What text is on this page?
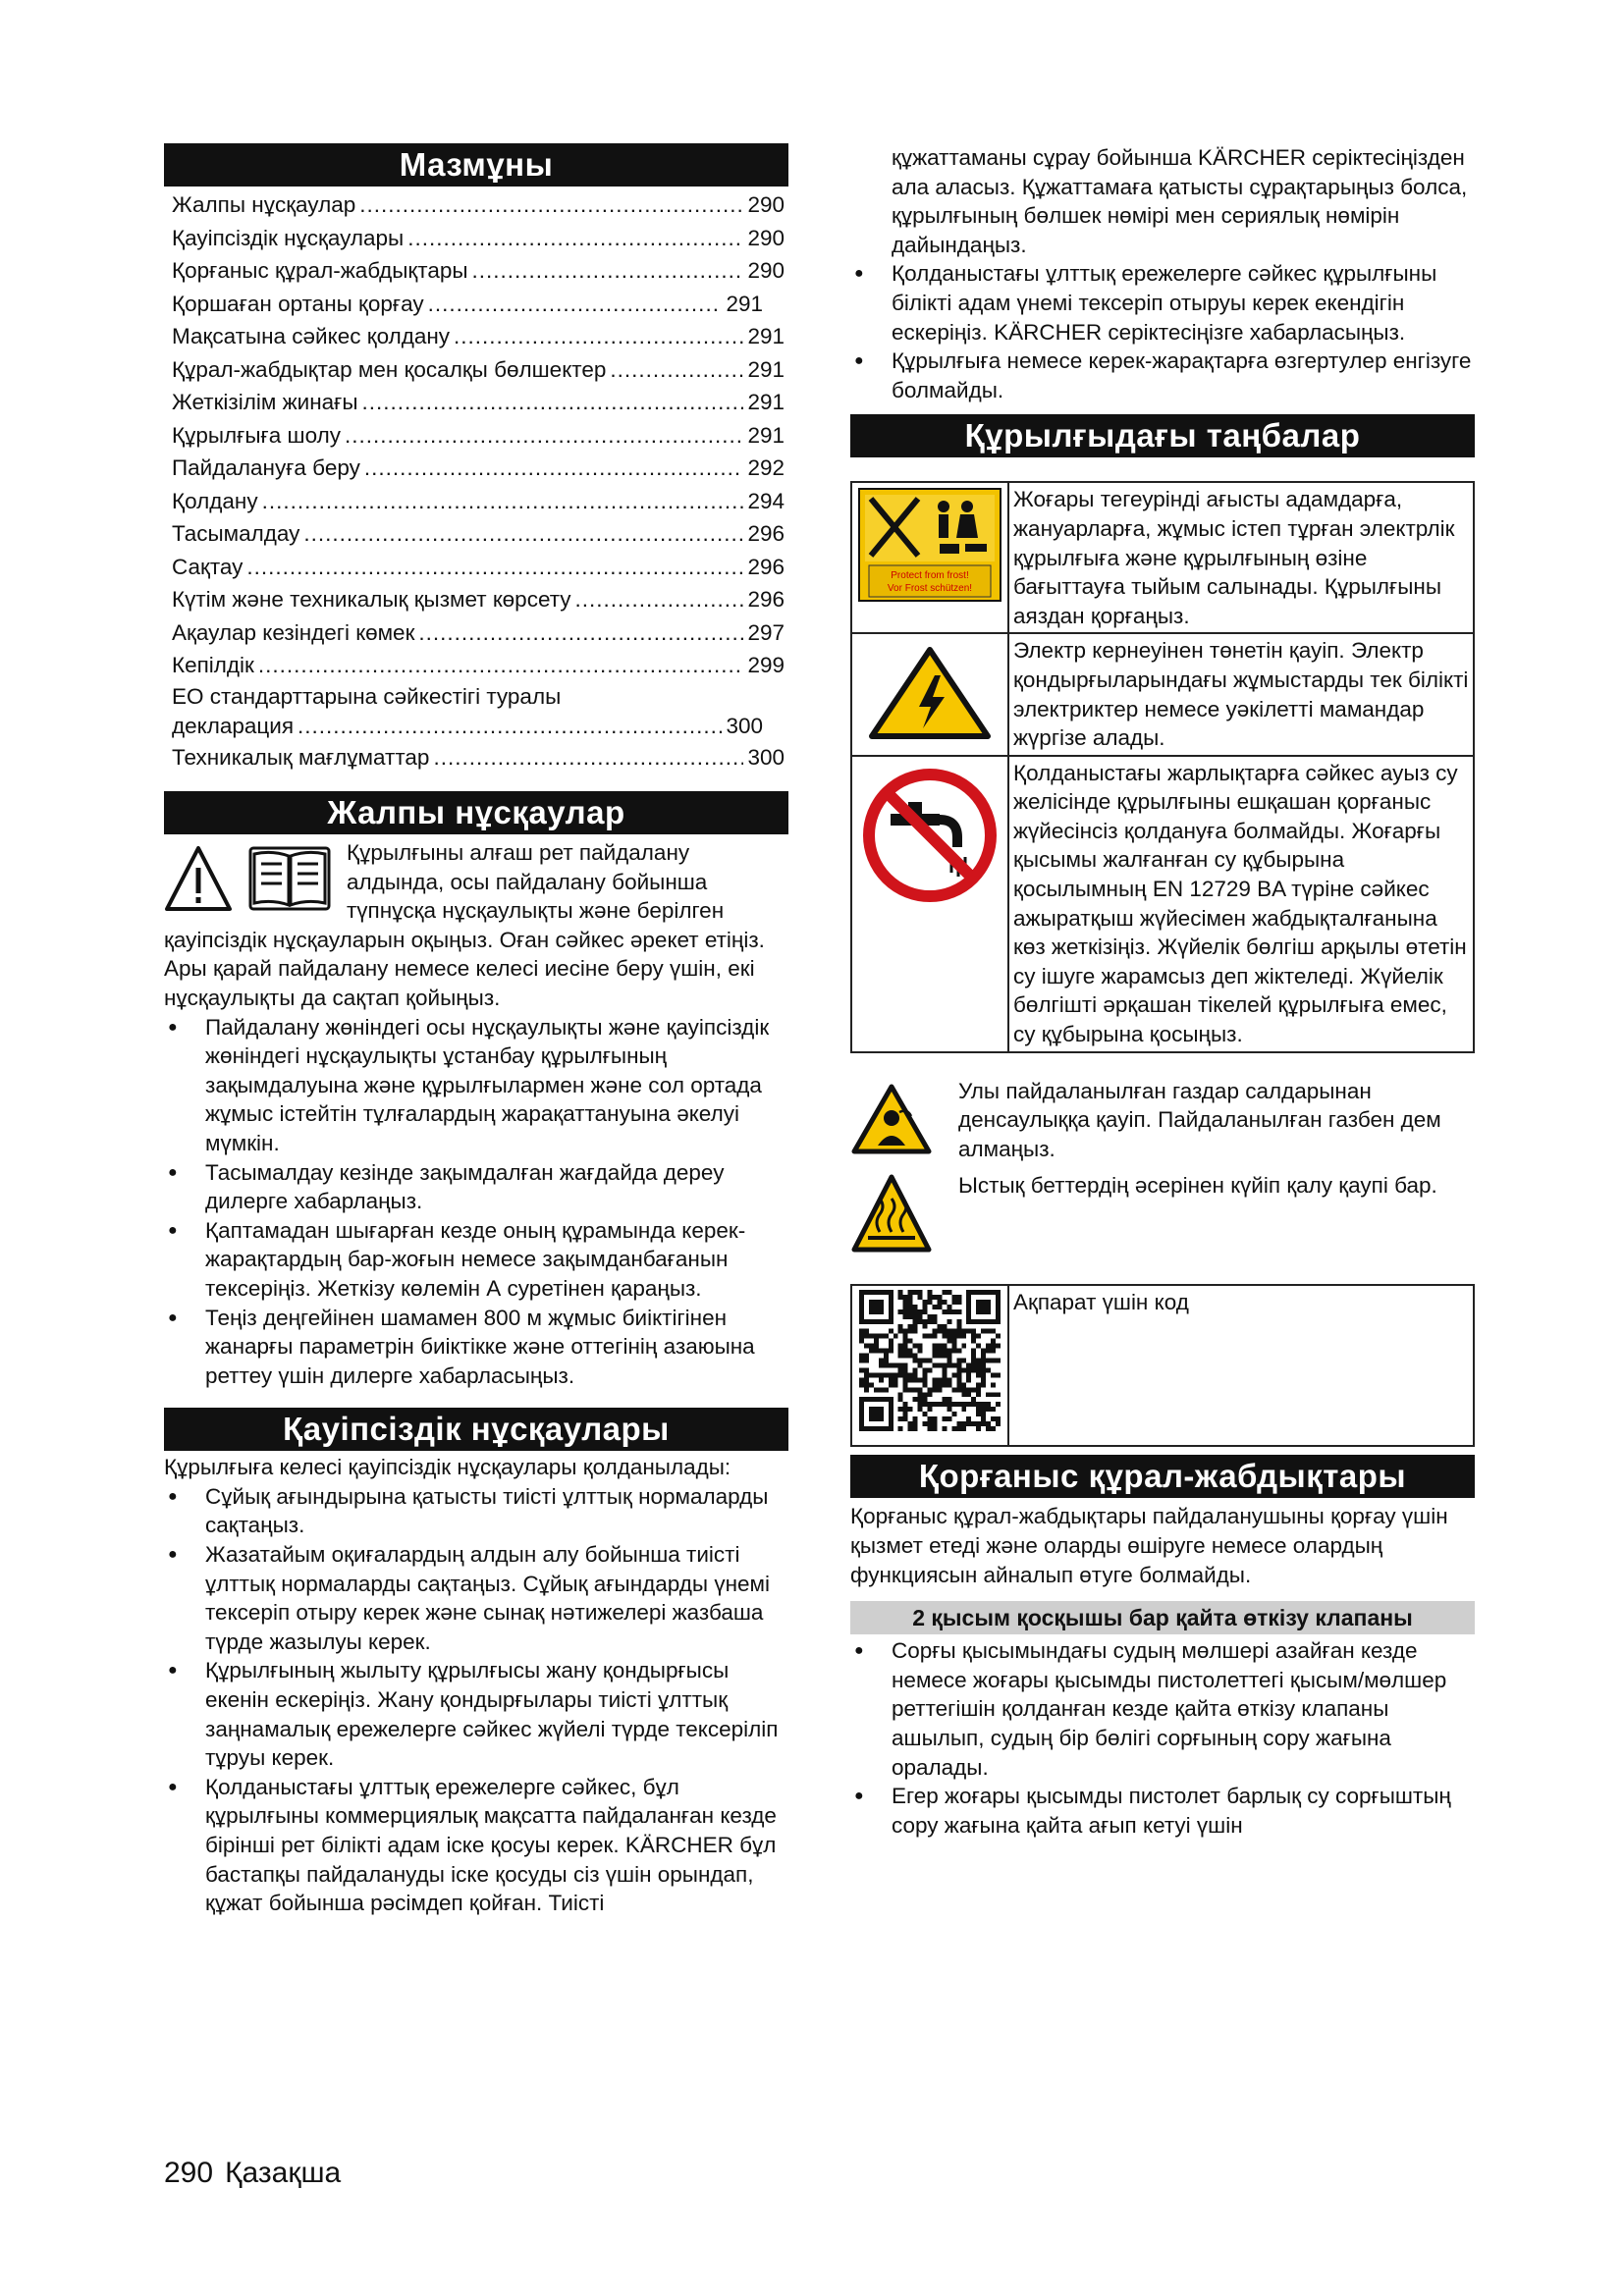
Мазмұны
Жалпы нұсқаулар .....	290
Қауіпсіздік нұсқаулары .....	290
Қорғаныс құрал-жабдықтары .....	290
Қоршаған ортаны қорғау .....	291
Мақсатына сәйкес қолдану .....	291
Құрал-жабдықтар мен қосалқы бөлшектер .....	291
Жеткізілім жинағы .....	291
Құрылғыға шолу .....	291
Пайдалануға беру .....	292
Қолдану .....	294
Тасымалдау .....	296
Сақтау .....	296
Күтім және техникалық қызмет көрсету .....	296
Ақаулар кезіндегі көмек .....	297
Кепілдік .....	299
ЕО стандарттарына сәйкестігі туралы
декларация .....	300
Техникалық мағлұматтар .....	300
Жалпы нұсқаулар

Құрылғыны алғаш рет пайдалану алдында, осы пайдалану бойынша түпнұсқа нұсқаулықты және берілген қауіпсіздік нұсқауларын оқыңыз. Оған сәйкес әрекет етіңіз.

Ары қарай пайдалану немесе келесі иесіне беру үшін, екі нұсқаулықты да сақтап қойыңыз.

● Пайдалану жөніндегі осы нұсқаулықты және қауіпсіздік жөніндегі нұсқаулықты ұстанбау құрылғының зақымдалуына және құрылғылармен және сол ортада жұмыс істейтін тұлғалардың жарақаттануына әкелуі мүмкін.
● Тасымалдау кезінде зақымдалған жағдайда дереу дилерге хабарлаңыз.
● Қаптамадан шығарған кезде оның құрамында керек-жарақтардың бар-жоғын немесе зақымданбағанын тексеріңіз. Жеткізу көлемін А суретінен қараңыз.
● Теңіз деңгейінен шамамен 800 м жұмыс биіктігінен жанарғы параметрін биіктікке және оттегінің азаюына реттеу үшін дилерге хабарласыңыз.
Қауіпсіздік нұсқаулары

Құрылғыға келесі қауіпсіздік нұсқаулары қолданылады:

● Сұйық ағындырына қатысты тиісті ұлттық нормаларды сақтаңыз.
● Жазатайым оқиғалардың алдын алу бойынша тиісті ұлттық нормаларды сақтаңыз. Сұйық ағындарды үнемі тексеріп отыру керек және сынақ нәтижелері жазбаша түрде жазылуы керек.
● Құрылғының жылыту құрылғысы жану қондырғысы екенін ескеріңіз. Жану қондырғылары тиісті ұлттық заңнамалық ережелерге сәйкес жүйелі түрде тексеріліп тұруы керек.
● Қолданыстағы ұлттық ережелерге сәйкес, бұл құрылғыны коммерциялық мақсатта пайдаланған кезде бірінші рет білікті адам іске қосуы керек. KÄRCHER бұл бастапқы пайдалануды іске қосуды сіз үшін орындап, құжат бойынша рәсімдеп қойған. Тиісті
құжаттаманы сұрау бойынша KÄRCHER серіктесіңізден ала аласыз. Құжаттамаға қатысты сұрақтарыңыз болса, құрылғының бөлшек нөмірі мен сериялық нөмірін дайындаңыз.
● Қолданыстағы ұлттық ережелерге сәйкес құрылғыны білікті адам үнемі тексеріп отыруы керек екендігін ескеріңіз. KÄRCHER серіктесіңізге хабарласыңыз.
● Құрылғыға немесе керек-жарақтарға өзгертулер енгізуге болмайды.
Құрылғыдағы таңбалар
Protect from frost!
Vor Frost schützen!	Жоғары тегеурінді ағысты адамдарға, жануарларға, жұмыс істеп тұрған электрлік құрылғыға және құрылғының өзіне бағыттауға тыйым салынады. Құрылғыны аяздан қорғаңыз.
	Электр кернеуінен төнетін қауіп. Электр қондырғыларындағы жұмыстарды тек білікті электриктер немесе уәкілетті мамандар жүргізе алады.
	Қолданыстағы жарлықтарға сәйкес ауыз су желісінде құрылғыны ешқашан қорғаныс жүйесінсіз қолдануға болмайды. Жоғарғы қысымы жалғанған су құбырына қосылымның EN 12729 BA түріне сәйкес ажыратқыш жүйесімен жабдықталғанына көз жеткізіңіз. Жүйелік бөлгіш арқылы өтетін су ішуге жарамсыз деп жіктеледі. Жүйелік бөлгішті әрқашан тікелей құрылғыға емес, су құбырына қосыңыз.
Улы пайдаланылған газдар салдарынан денсаулыққа қауіп. Пайдаланылған газбен дем алмаңыз.
Ыстық беттердің әсерінен күйіп қалу қаупі бар.
	Ақпарат үшін код
Қорғаныс құрал-жабдықтары

Қорғаныс құрал-жабдықтары пайдаланушыны қорғау үшін қызмет етеді және оларды өшіруге немесе олардың функциясын айналып өтуге болмайды.

2 қысым қосқышы бар қайта өткізу клапаны
● Сорғы қысымындағы судың мөлшері азайған кезде немесе жоғары қысымды пистолеттегі қысым/мөлшер реттегішін қолданған кезде қайта өткізу клапаны ашылып, судың бір бөлігі сорғының сору жағына оралады.
● Егер жоғары қысымды пистолет барлық су сорғыштың сору жағына қайта ағып кетуі үшін
290 Қазақша
